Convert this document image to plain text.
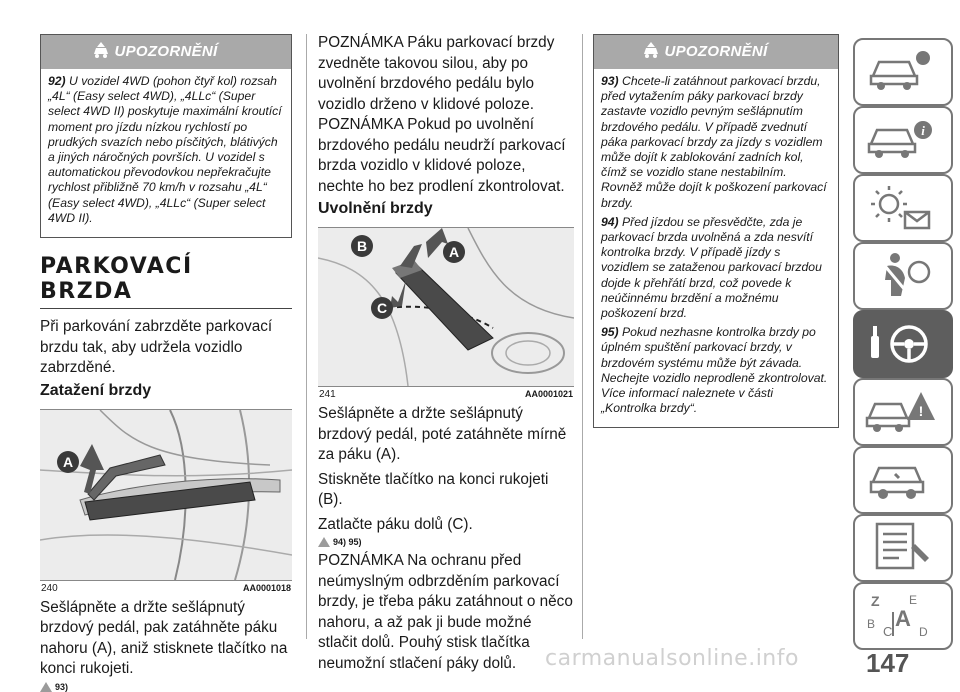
UPOZORNĚNÍ

92) U vozidel 4WD (pohon čtyř kol) rozsah „4L“ (Easy select 4WD), „4LLc“ (Super select 4WD II) poskytuje maximální kroutící moment pro jízdu nízkou rychlostí po prudkých svazích nebo písčitých, blátivých a jiných náročných površích. U vozidel s automatickou převodovkou nepřekračujte rychlost přibližně 70 km/h v rozsahu „4L“ (Easy select 4WD), „4LLc“ (Super select 4WD II).

PARKOVACÍ BRZDA

Při parkování zabrzděte parkovací brzdu tak, aby udržela vozidlo zabrzděné.

Zatažení brzdy

A
240	AA0001018

Sešlápněte a držte sešlápnutý brzdový pedál, pak zatáhněte páku nahoru (A), aniž stisknete tlačítko na konci rukojeti.

93)

POZNÁMKA Páku parkovací brzdy zvedněte takovou silou, aby po uvolnění brzdového pedálu bylo vozidlo drženo v klidové poloze.

POZNÁMKA Pokud po uvolnění brzdového pedálu neudrží parkovací brzda vozidlo v klidové poloze, nechte ho bez prodlení zkontrolovat.

Uvolnění brzdy

B	A
C
241	AA0001021

Sešlápněte a držte sešlápnutý brzdový pedál, poté zatáhněte mírně za páku (A).

Stiskněte tlačítko na konci rukojeti (B).

Zatlačte páku dolů (C).

94) 95)

POZNÁMKA Na ochranu před neúmyslným odbrzděním parkovací brzdy, je třeba páku zatáhnout o něco nahoru, a až pak ji bude možné stlačit dolů. Pouhý stisk tlačítka neumožní stlačení páky dolů.

UPOZORNĚNÍ

93) Chcete-li zatáhnout parkovací brzdu, před vytažením páky parkovací brzdy zastavte vozidlo pevným sešlápnutím brzdového pedálu. V případě zvednutí páka parkovací brzdy za jízdy s vozidlem může dojít k zablokování zadních kol, čímž se vozidlo stane nestabilním. Rovněž může dojít k poškození parkovací brzdy.

94) Před jízdou se přesvědčte, zda je parkovací brzda uvolněná a zda nesvítí kontrolka brzdy. V případě jízdy s vozidlem se zataženou parkovací brzdou dojde k přehřátí brzd, což povede k neúčinnému brzdění a možnému poškození brzd.

95) Pokud nezhasne kontrolka brzdy po úplném spuštění parkovací brzdy, v brzdovém systému může být závada. Nechejte vozidlo neprodleně zkontrolovat. Více informací naleznete v části „Kontrolka brzdy“.

i
!
Z E
B C
A
D
147
carmanualsonline.info
